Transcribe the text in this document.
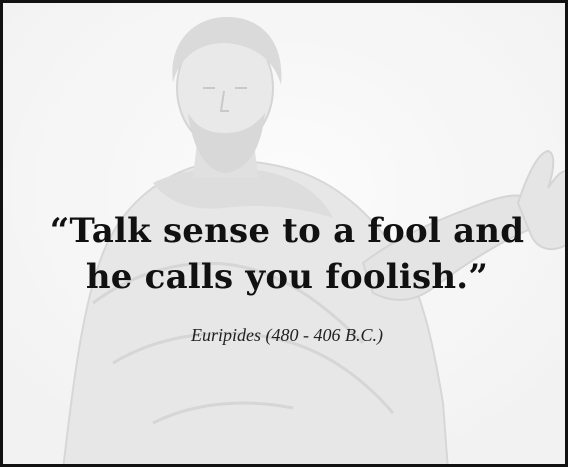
“Talk sense to a fool and
he calls you foolish.”
Euripides (480 - 406 B.C.)
